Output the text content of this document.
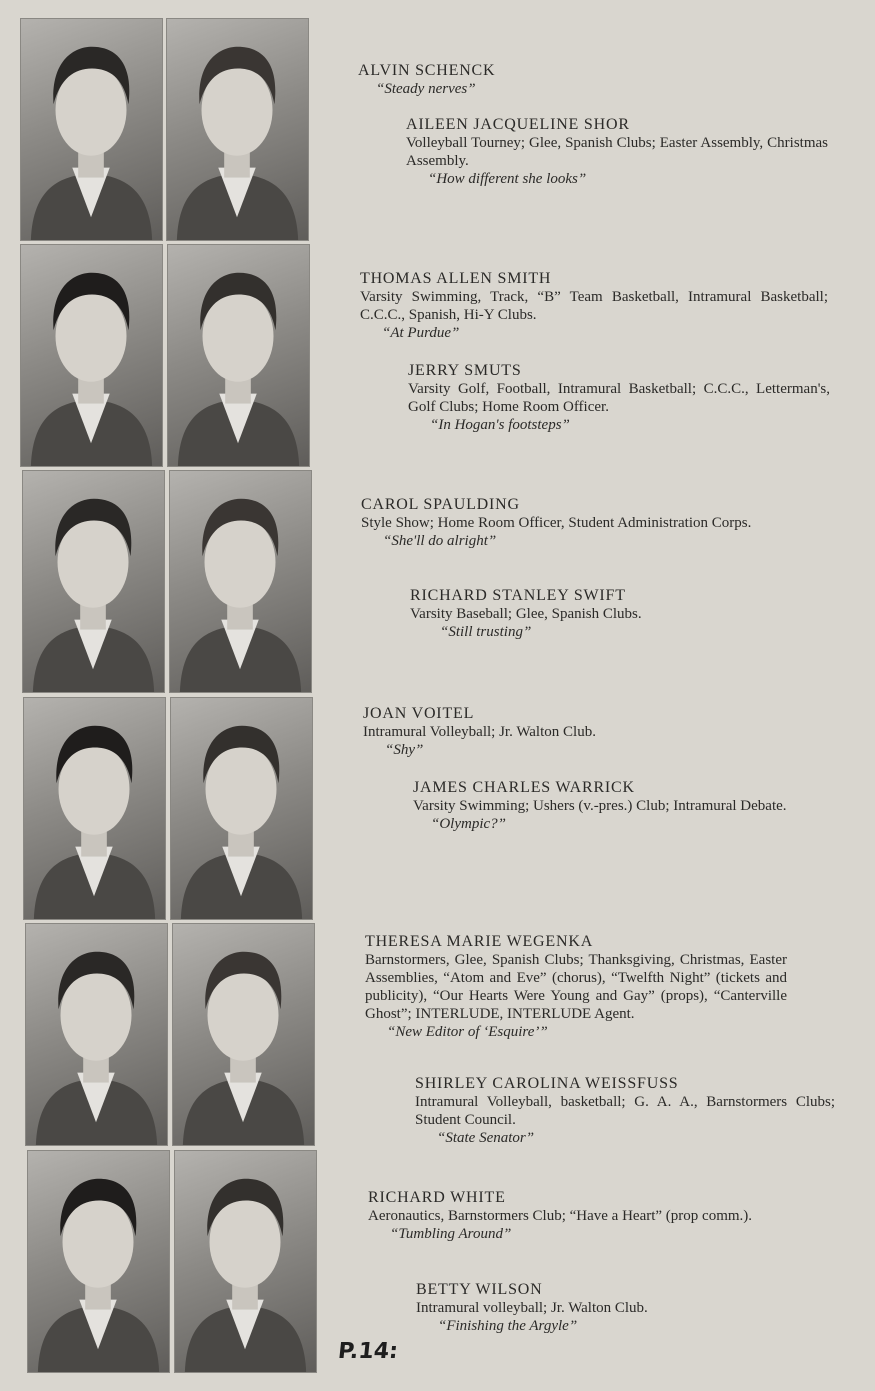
ALVIN SCHENCK
“Steady nerves”
AILEEN JACQUELINE SHOR
Volleyball Tourney; Glee, Spanish Clubs; Easter Assembly, Christmas Assembly.
“How different she looks”
THOMAS ALLEN SMITH
Varsity Swimming, Track, “B” Team Basketball, Intramural Basketball; C.C.C., Spanish, Hi-Y Clubs.
“At Purdue”
JERRY SMUTS
Varsity Golf, Football, Intramural Basketball; C.C.C., Letterman's, Golf Clubs; Home Room Officer.
“In Hogan's footsteps”
CAROL SPAULDING
Style Show; Home Room Officer, Student Administration Corps.
“She'll do alright”
RICHARD STANLEY SWIFT
Varsity Baseball; Glee, Spanish Clubs.
“Still trusting”
JOAN VOITEL
Intramural Volleyball; Jr. Walton Club.
“Shy”
JAMES CHARLES WARRICK
Varsity Swimming; Ushers (v.-pres.) Club; Intramural Debate.
“Olympic?”
THERESA MARIE WEGENKA
Barnstormers, Glee, Spanish Clubs; Thanksgiving, Christmas, Easter Assemblies, “Atom and Eve” (chorus), “Twelfth Night” (tickets and publicity), “Our Hearts Were Young and Gay” (props), “Canterville Ghost”; INTERLUDE, INTERLUDE Agent.
“New Editor of ‘Esquire’”
SHIRLEY CAROLINA WEISSFUSS
Intramural Volleyball, basketball; G. A. A., Barnstormers Clubs; Student Council.
“State Senator”
RICHARD WHITE
Aeronautics, Barnstormers Club; “Have a Heart” (prop comm.).
“Tumbling Around”
BETTY WILSON
Intramural volleyball; Jr. Walton Club.
“Finishing the Argyle”
P.14:
